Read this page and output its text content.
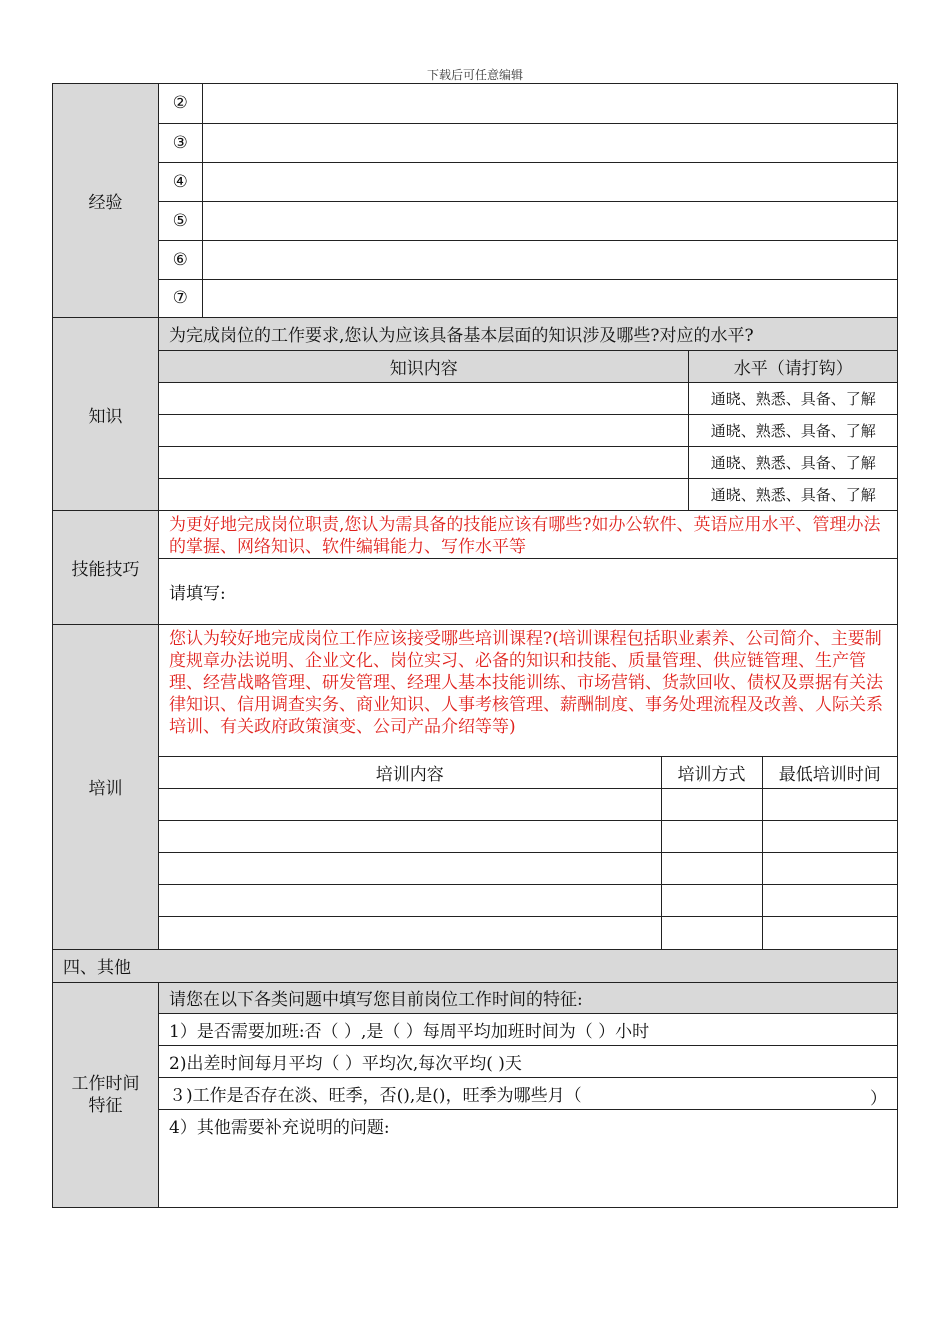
下载后可任意编辑
经验	
②	
③	
④	
⑤	
⑥	
⑦	

知识	
为完成岗位的工作要求,您认为应该具备基本层面的知识涉及哪些?对应的水平?
知识内容	水平（请打钩）
	通晓、熟悉、具备、了解
	通晓、熟悉、具备、了解
	通晓、熟悉、具备、了解
	通晓、熟悉、具备、了解

技能技巧	
为更好地完成岗位职责,您认为需具备的技能应该有哪些?如办公软件、英语应用水平、管理办法的掌握、网络知识、软件编辑能力、写作水平等
请填写:

培训	
您认为较好地完成岗位工作应该接受哪些培训课程?(培训课程包括职业素养、公司简介、主要制度规章办法说明、企业文化、岗位实习、必备的知识和技能、质量管理、供应链管理、生产管理、经营战略管理、研发管理、经理人基本技能训练、市场营销、货款回收、债权及票据有关法律知识、信用调查实务、商业知识、人事考核管理、薪酬制度、事务处理流程及改善、人际关系培训、有关政府政策演变、公司产品介绍等等)
培训内容	培训方式	最低培训时间

四、其他

工作时间特征

请您在以下各类问题中填写您目前岗位工作时间的特征:
1）是否需要加班:否（ ）,是（ ）每周平均加班时间为（ ）小时
2)出差时间每月平均（ ）平均次,每次平均( )天
３)工作是否存在淡、旺季，否(),是()，旺季为哪些月（	）

4）其他需要补充说明的问题:
